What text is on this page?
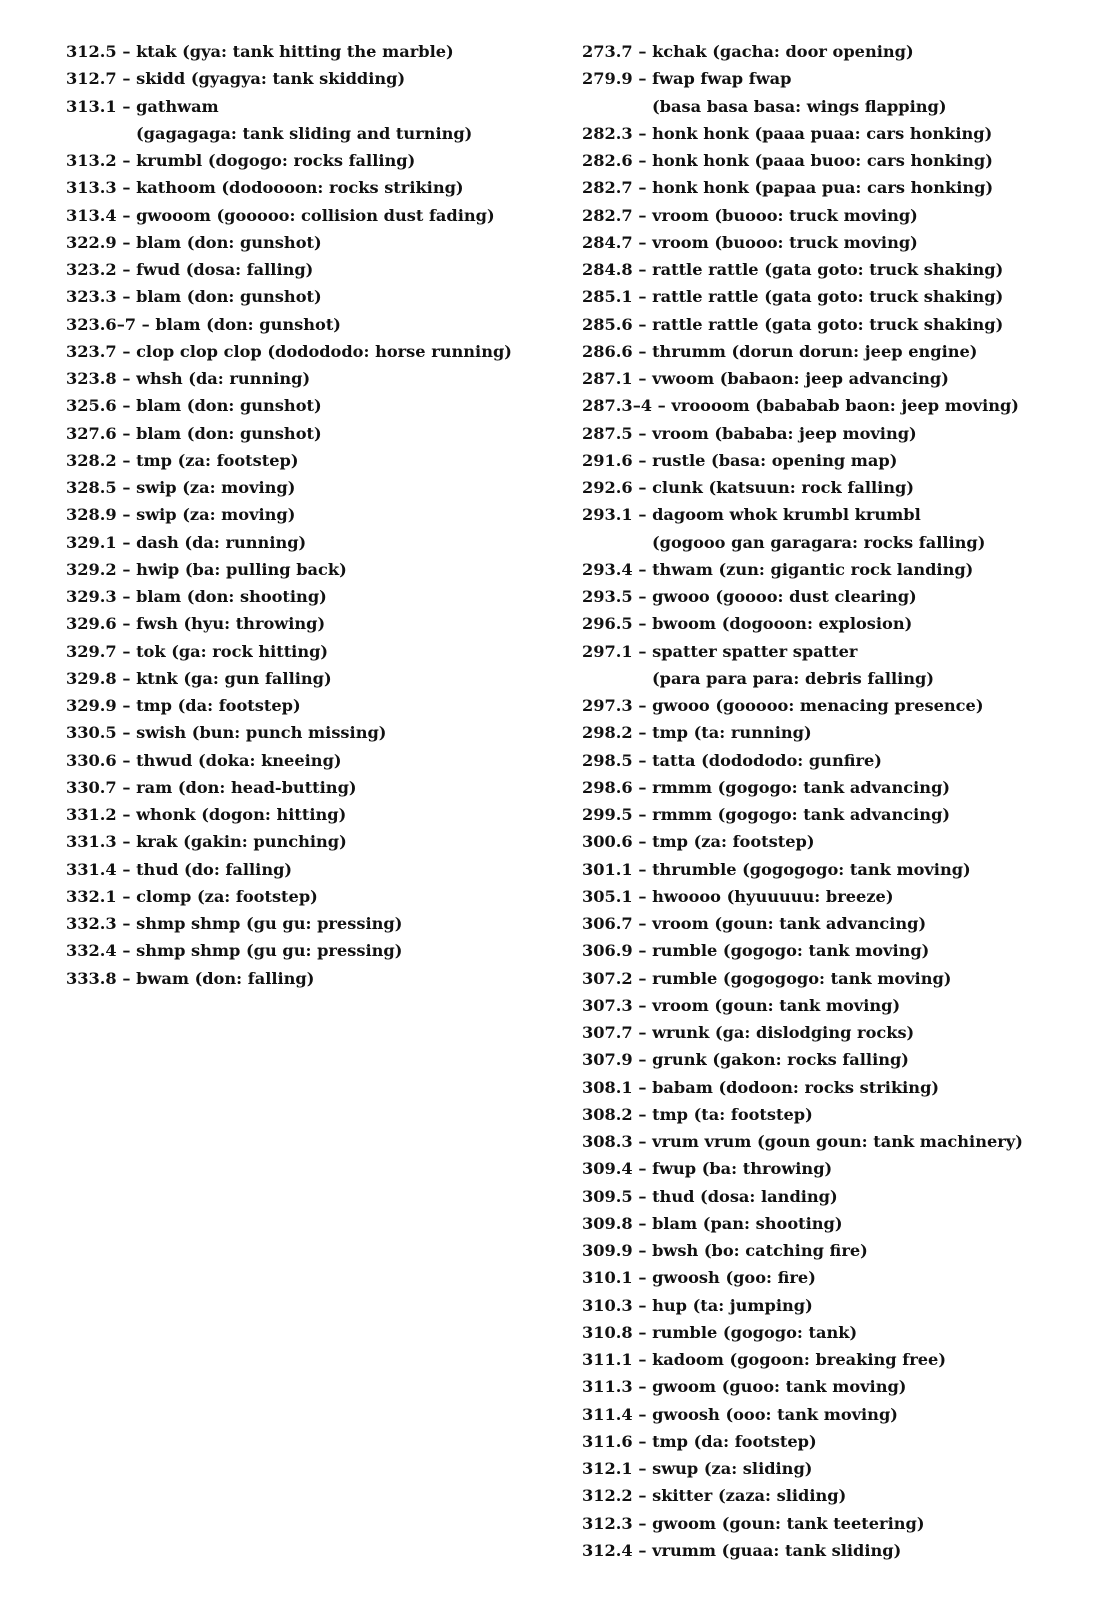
312.5 – ktak (gya: tank hitting the marble)
312.7 – skidd (gyagya: tank skidding)
313.1 – gathwam
(gagagaga: tank sliding and turning)
313.2 – krumbl (dogogo: rocks falling)
313.3 – kathoom (dodoooon: rocks striking)
313.4 – gwooom (gooooo: collision dust fading)
322.9 – blam (don: gunshot)
323.2 – fwud (dosa: falling)
323.3 – blam (don: gunshot)
323.6–7 – blam (don: gunshot)
323.7 – clop clop clop (dodododo: horse running)
323.8 – whsh (da: running)
325.6 – blam (don: gunshot)
327.6 – blam (don: gunshot)
328.2 – tmp (za: footstep)
328.5 – swip (za: moving)
328.9 – swip (za: moving)
329.1 – dash (da: running)
329.2 – hwip (ba: pulling back)
329.3 – blam (don: shooting)
329.6 – fwsh (hyu: throwing)
329.7 – tok (ga: rock hitting)
329.8 – ktnk (ga: gun falling)
329.9 – tmp (da: footstep)
330.5 – swish (bun: punch missing)
330.6 – thwud (doka: kneeing)
330.7 – ram (don: head-butting)
331.2 – whonk (dogon: hitting)
331.3 – krak (gakin: punching)
331.4 – thud (do: falling)
332.1 – clomp (za: footstep)
332.3 – shmp shmp (gu gu: pressing)
332.4 – shmp shmp (gu gu: pressing)
333.8 – bwam (don: falling)
273.7 – kchak (gacha: door opening)
279.9 – fwap fwap fwap
(basa basa basa: wings flapping)
282.3 – honk honk (paaa puaa: cars honking)
282.6 – honk honk (paaa buoo: cars honking)
282.7 – honk honk (papaa pua: cars honking)
282.7 – vroom (buooo: truck moving)
284.7 – vroom (buooo: truck moving)
284.8 – rattle rattle (gata goto: truck shaking)
285.1 – rattle rattle (gata goto: truck shaking)
285.6 – rattle rattle (gata goto: truck shaking)
286.6 – thrumm (dorun dorun: jeep engine)
287.1 – vwoom (babaon: jeep advancing)
287.3–4 – vroooom (bababab baon: jeep moving)
287.5 – vroom (bababa: jeep moving)
291.6 – rustle (basa: opening map)
292.6 – clunk (katsuun: rock falling)
293.1 – dagoom whok krumbl krumbl
(gogooo gan garagara: rocks falling)
293.4 – thwam (zun: gigantic rock landing)
293.5 – gwooo (goooo: dust clearing)
296.5 – bwoom (dogooon: explosion)
297.1 – spatter spatter spatter
(para para para: debris falling)
297.3 – gwooo (gooooo: menacing presence)
298.2 – tmp (ta: running)
298.5 – tatta (dodododo: gunfire)
298.6 – rmmm (gogogo: tank advancing)
299.5 – rmmm (gogogo: tank advancing)
300.6 – tmp (za: footstep)
301.1 – thrumble (gogogogo: tank moving)
305.1 – hwoooo (hyuuuuu: breeze)
306.7 – vroom (goun: tank advancing)
306.9 – rumble (gogogo: tank moving)
307.2 – rumble (gogogogo: tank moving)
307.3 – vroom (goun: tank moving)
307.7 – wrunk (ga: dislodging rocks)
307.9 – grunk (gakon: rocks falling)
308.1 – babam (dodoon: rocks striking)
308.2 – tmp (ta: footstep)
308.3 – vrum vrum (goun goun: tank machinery)
309.4 – fwup (ba: throwing)
309.5 – thud (dosa: landing)
309.8 – blam (pan: shooting)
309.9 – bwsh (bo: catching fire)
310.1 – gwoosh (goo: fire)
310.3 – hup (ta: jumping)
310.8 – rumble (gogogo: tank)
311.1 – kadoom (gogoon: breaking free)
311.3 – gwoom (guoo: tank moving)
311.4 – gwoosh (ooo: tank moving)
311.6 – tmp (da: footstep)
312.1 – swup (za: sliding)
312.2 – skitter (zaza: sliding)
312.3 – gwoom (goun: tank teetering)
312.4 – vrumm (guaa: tank sliding)
